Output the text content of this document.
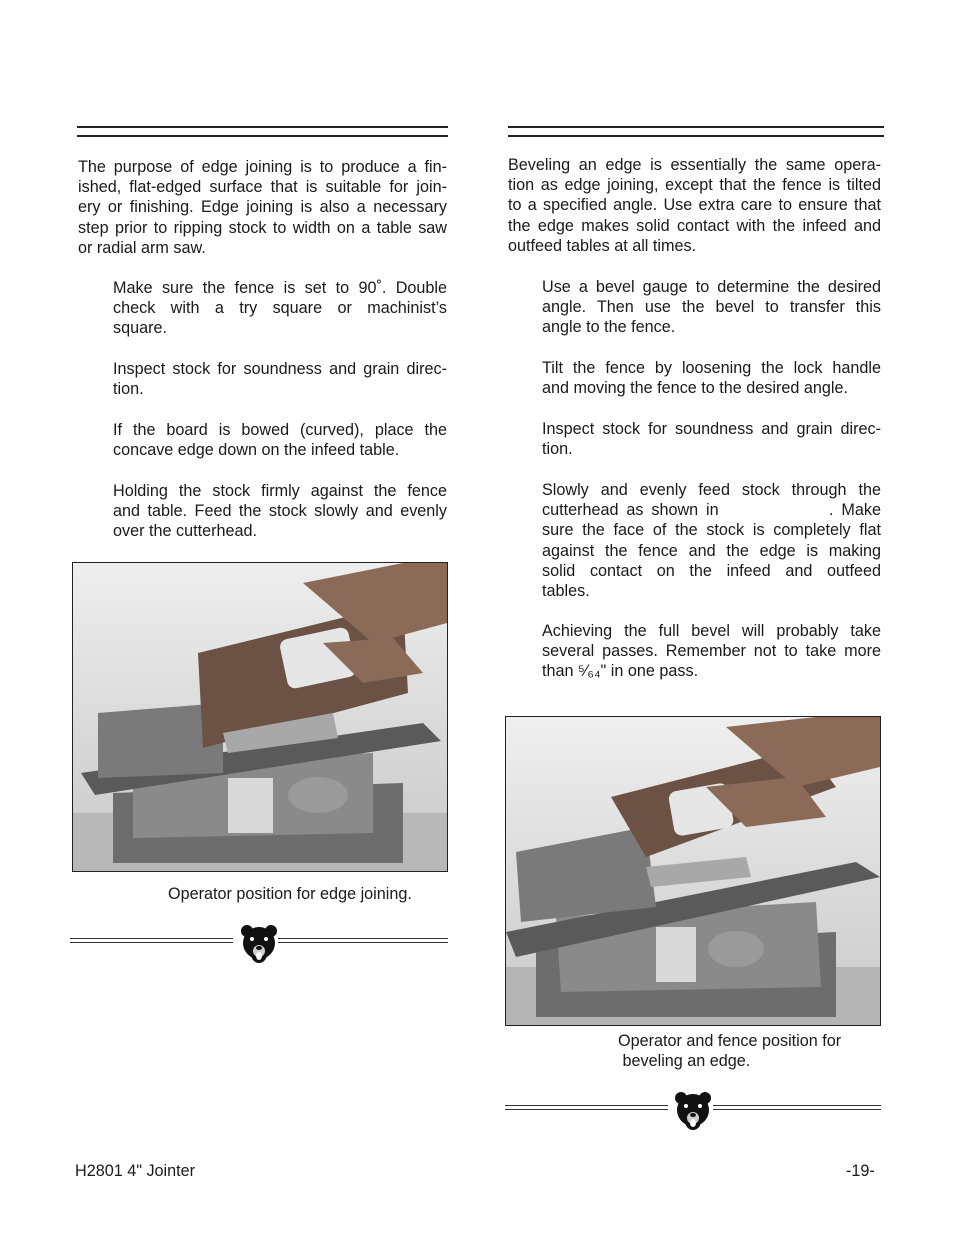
The purpose of edge joining is to produce a fin-
ished, flat-edged surface that is suitable for join-
ery or finishing. Edge joining is also a necessary
step prior to ripping stock to width on a table saw
or radial arm saw.
Make sure the fence is set to 90˚. Double
check with a try square or machinist’s
square.
Inspect stock for soundness and grain direc-
tion.
If the board is bowed (curved), place the
concave edge down on the infeed table.
Holding the stock firmly against the fence
and table. Feed the stock slowly and evenly
over the cutterhead.
Operator position for edge joining.
Beveling an edge is essentially the same opera-
tion as edge joining, except that the fence is tilted
to a specified angle. Use extra care to ensure that
the edge makes solid contact with the infeed and
outfeed tables at all times.
Use a bevel gauge to determine the desired
angle. Then use the bevel to transfer this
angle to the fence.
Tilt the fence by loosening the lock handle
and moving the fence to the desired angle.
Inspect stock for soundness and grain direc-
tion.
Slowly and evenly feed stock through the
cutterhead as shown in              . Make
sure the face of the stock is completely flat
against the fence and the edge is making
solid contact on the infeed and outfeed
tables.
Achieving the full bevel will probably take
several passes. Remember not to take more
than ⁵⁄₆₄" in one pass.
Operator and fence position for
beveling an edge.
H2801 4" Jointer	-19-
